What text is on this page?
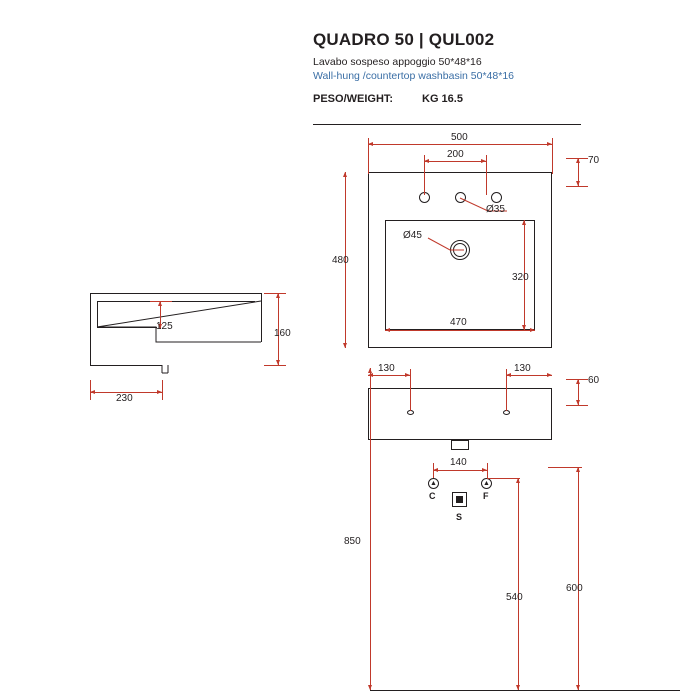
QUADRO 50 | QUL002
Lavabo sospeso appoggio 50*48*16
Wall-hung /countertop washbasin 50*48*16
PESO/WEIGHT:	KG 16.5
125
160
230
Ø35
Ø45
500
200
70
480
320
470
130	130
60
140
▲
C
▲
F
S
850
540
600
